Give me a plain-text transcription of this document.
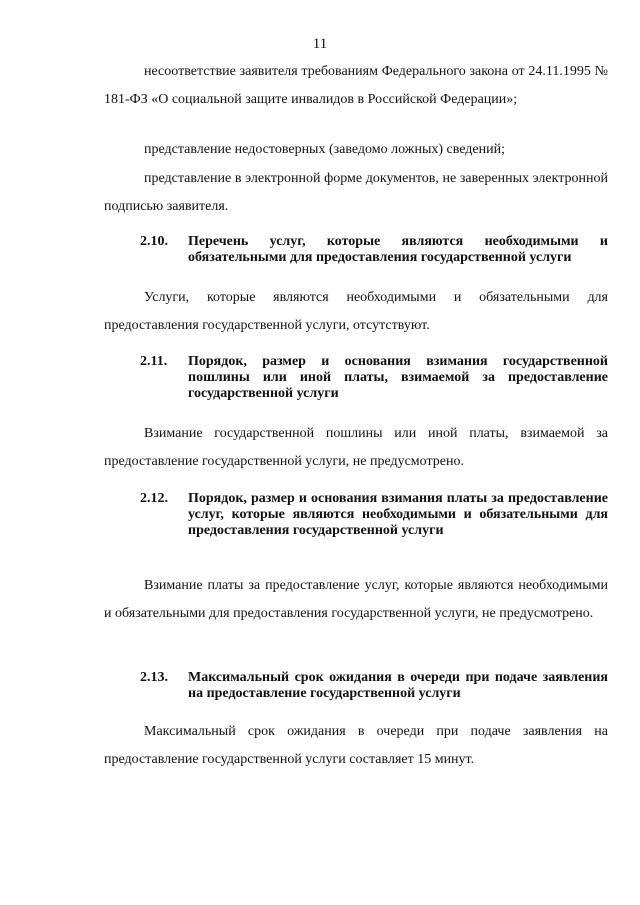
11

несоответствие заявителя требованиям Федерального закона от 24.11.1995 № 181-ФЗ «О социальной защите инвалидов в Российской Федерации»;

представление недостоверных (заведомо ложных) сведений;

представление в электронной форме документов, не заверенных электронной подписью заявителя.

2.10.	Перечень услуг, которые являются необходимыми и обязательными для предоставления государственной услуги

Услуги, которые являются необходимыми и обязательными для предоставления государственной услуги, отсутствуют.

2.11.	Порядок, размер и основания взимания государственной пошлины или иной платы, взимаемой за предоставление государственной услуги

Взимание государственной пошлины или иной платы, взимаемой за предоставление государственной услуги, не предусмотрено.

2.12.	Порядок, размер и основания взимания платы за предоставление услуг, которые являются необходимыми и обязательными для предоставления государственной услуги

Взимание платы за предоставление услуг, которые являются необходимыми и обязательными для предоставления государственной услуги, не предусмотрено.

2.13.	Максимальный срок ожидания в очереди при подаче заявления на предоставление государственной услуги

Максимальный срок ожидания в очереди при подаче заявления на предоставление государственной услуги составляет 15 минут.
